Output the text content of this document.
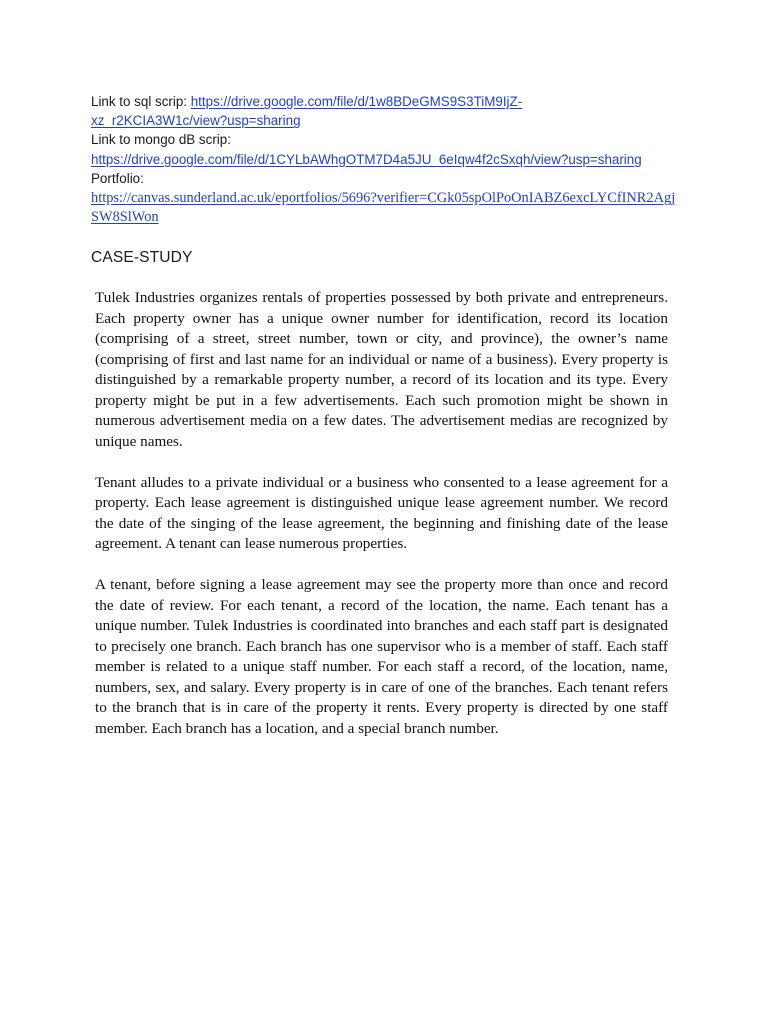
Link to sql scrip: https://drive.google.com/file/d/1w8BDeGMS9S3TiM9IjZ-
xz_r2KCIA3W1c/view?usp=sharing
Link to mongo dB scrip:
https://drive.google.com/file/d/1CYLbAWhgOTM7D4a5JU_6eIqw4f2cSxqh/view?usp=sharing
Portfolio:
https://canvas.sunderland.ac.uk/eportfolios/5696?verifier=CGk05spOlPoOnIABZ6excLYCfINR2AgjSW8SlWon
CASE-STUDY

Tulek Industries organizes rentals of properties possessed by both private and entrepreneurs. Each property owner has a unique owner number for identification, record its location (comprising of a street, street number, town or city, and province), the owner’s name (comprising of first and last name for an individual or name of a business). Every property is distinguished by a remarkable property number, a record of its location and its type. Every property might be put in a few advertisements. Each such promotion might be shown in numerous advertisement media on a few dates. The advertisement medias are recognized by unique names.

Tenant alludes to a private individual or a business who consented to a lease agreement for a property. Each lease agreement is distinguished unique lease agreement number. We record the date of the singing of the lease agreement, the beginning and finishing date of the lease agreement. A tenant can lease numerous properties.

A tenant, before signing a lease agreement may see the property more than once and record the date of review. For each tenant, a record of the location, the name. Each tenant has a unique number. Tulek Industries is coordinated into branches and each staff part is designated to precisely one branch. Each branch has one supervisor who is a member of staff. Each staff member is related to a unique staff number. For each staff a record, of the location, name, numbers, sex, and salary. Every property is in care of one of the branches. Each tenant refers to the branch that is in care of the property it rents. Every property is directed by one staff member. Each branch has a location, and a special branch number.
